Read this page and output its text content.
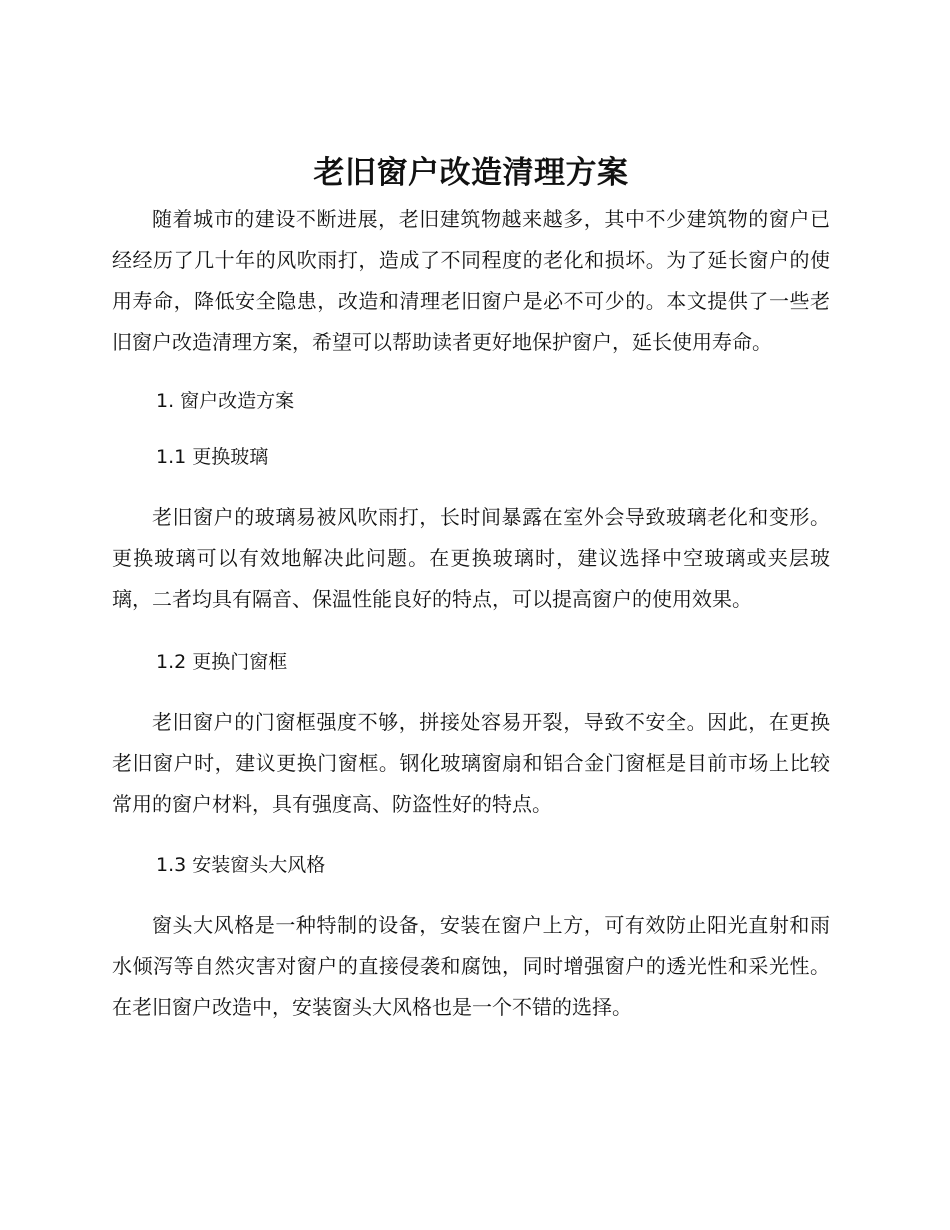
老旧窗户改造清理方案

随着城市的建设不断进展，老旧建筑物越来越多，其中不少建筑物的窗户已经经历了几十年的风吹雨打，造成了不同程度的老化和损坏。为了延长窗户的使用寿命，降低安全隐患，改造和清理老旧窗户是必不可少的。本文提供了一些老旧窗户改造清理方案，希望可以帮助读者更好地保护窗户，延长使用寿命。

1. 窗户改造方案
1.1 更换玻璃

老旧窗户的玻璃易被风吹雨打，长时间暴露在室外会导致玻璃老化和变形。更换玻璃可以有效地解决此问题。在更换玻璃时，建议选择中空玻璃或夹层玻璃，二者均具有隔音、保温性能良好的特点，可以提高窗户的使用效果。

1.2 更换门窗框

老旧窗户的门窗框强度不够，拼接处容易开裂，导致不安全。因此，在更换老旧窗户时，建议更换门窗框。钢化玻璃窗扇和铝合金门窗框是目前市场上比较常用的窗户材料，具有强度高、防盗性好的特点。

1.3 安装窗头大风格

窗头大风格是一种特制的设备，安装在窗户上方，可有效防止阳光直射和雨水倾泻等自然灾害对窗户的直接侵袭和腐蚀，同时增强窗户的透光性和采光性。在老旧窗户改造中，安装窗头大风格也是一个不错的选择。
